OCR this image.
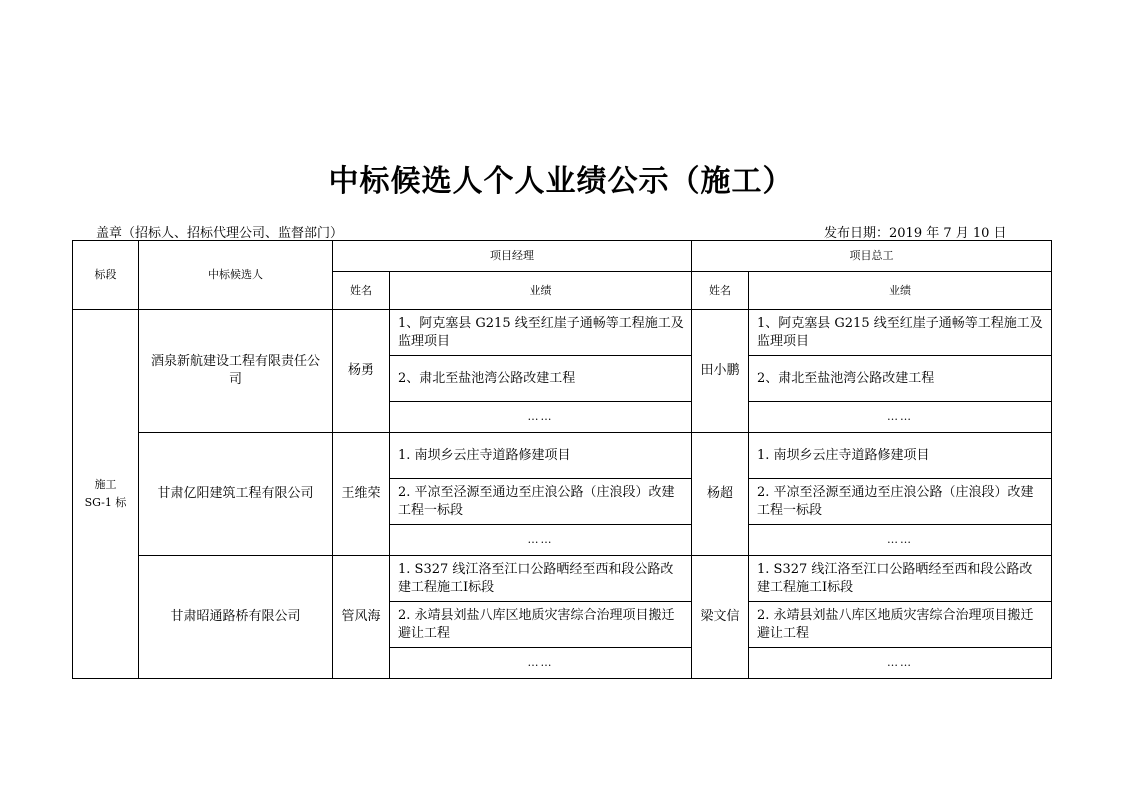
中标候选人个人业绩公示（施工）
盖章（招标人、招标代理公司、监督部门）	发布日期：2019 年 7 月 10 日
标段	中标候选人	项目经理		项目总工	
		姓名	业绩	姓名	业绩
施工
SG-1 标	酒泉新航建设工程有限责任公司	杨勇	1、阿克塞县 G215 线至红崖子通畅等工程施工及监理项目	田小鹏	1、阿克塞县 G215 线至红崖子通畅等工程施工及监理项目
			2、肃北至盐池湾公路改建工程		2、肃北至盐池湾公路改建工程
			……		……
	甘肃亿阳建筑工程有限公司	王维荣	1. 南坝乡云庄寺道路修建项目	杨超	1. 南坝乡云庄寺道路修建项目
			2. 平凉至泾源至通边至庄浪公路（庄浪段）改建工程一标段		2. 平凉至泾源至通边至庄浪公路（庄浪段）改建工程一标段
			……		……
	甘肃昭通路桥有限公司	管风海	1. S327 线江洛至江口公路晒经至西和段公路改建工程施工Ⅰ标段	梁文信	1. S327 线江洛至江口公路晒经至西和段公路改建工程施工Ⅰ标段
			2. 永靖县刘盐八库区地质灾害综合治理项目搬迁避让工程		2. 永靖县刘盐八库区地质灾害综合治理项目搬迁避让工程
			……		……
